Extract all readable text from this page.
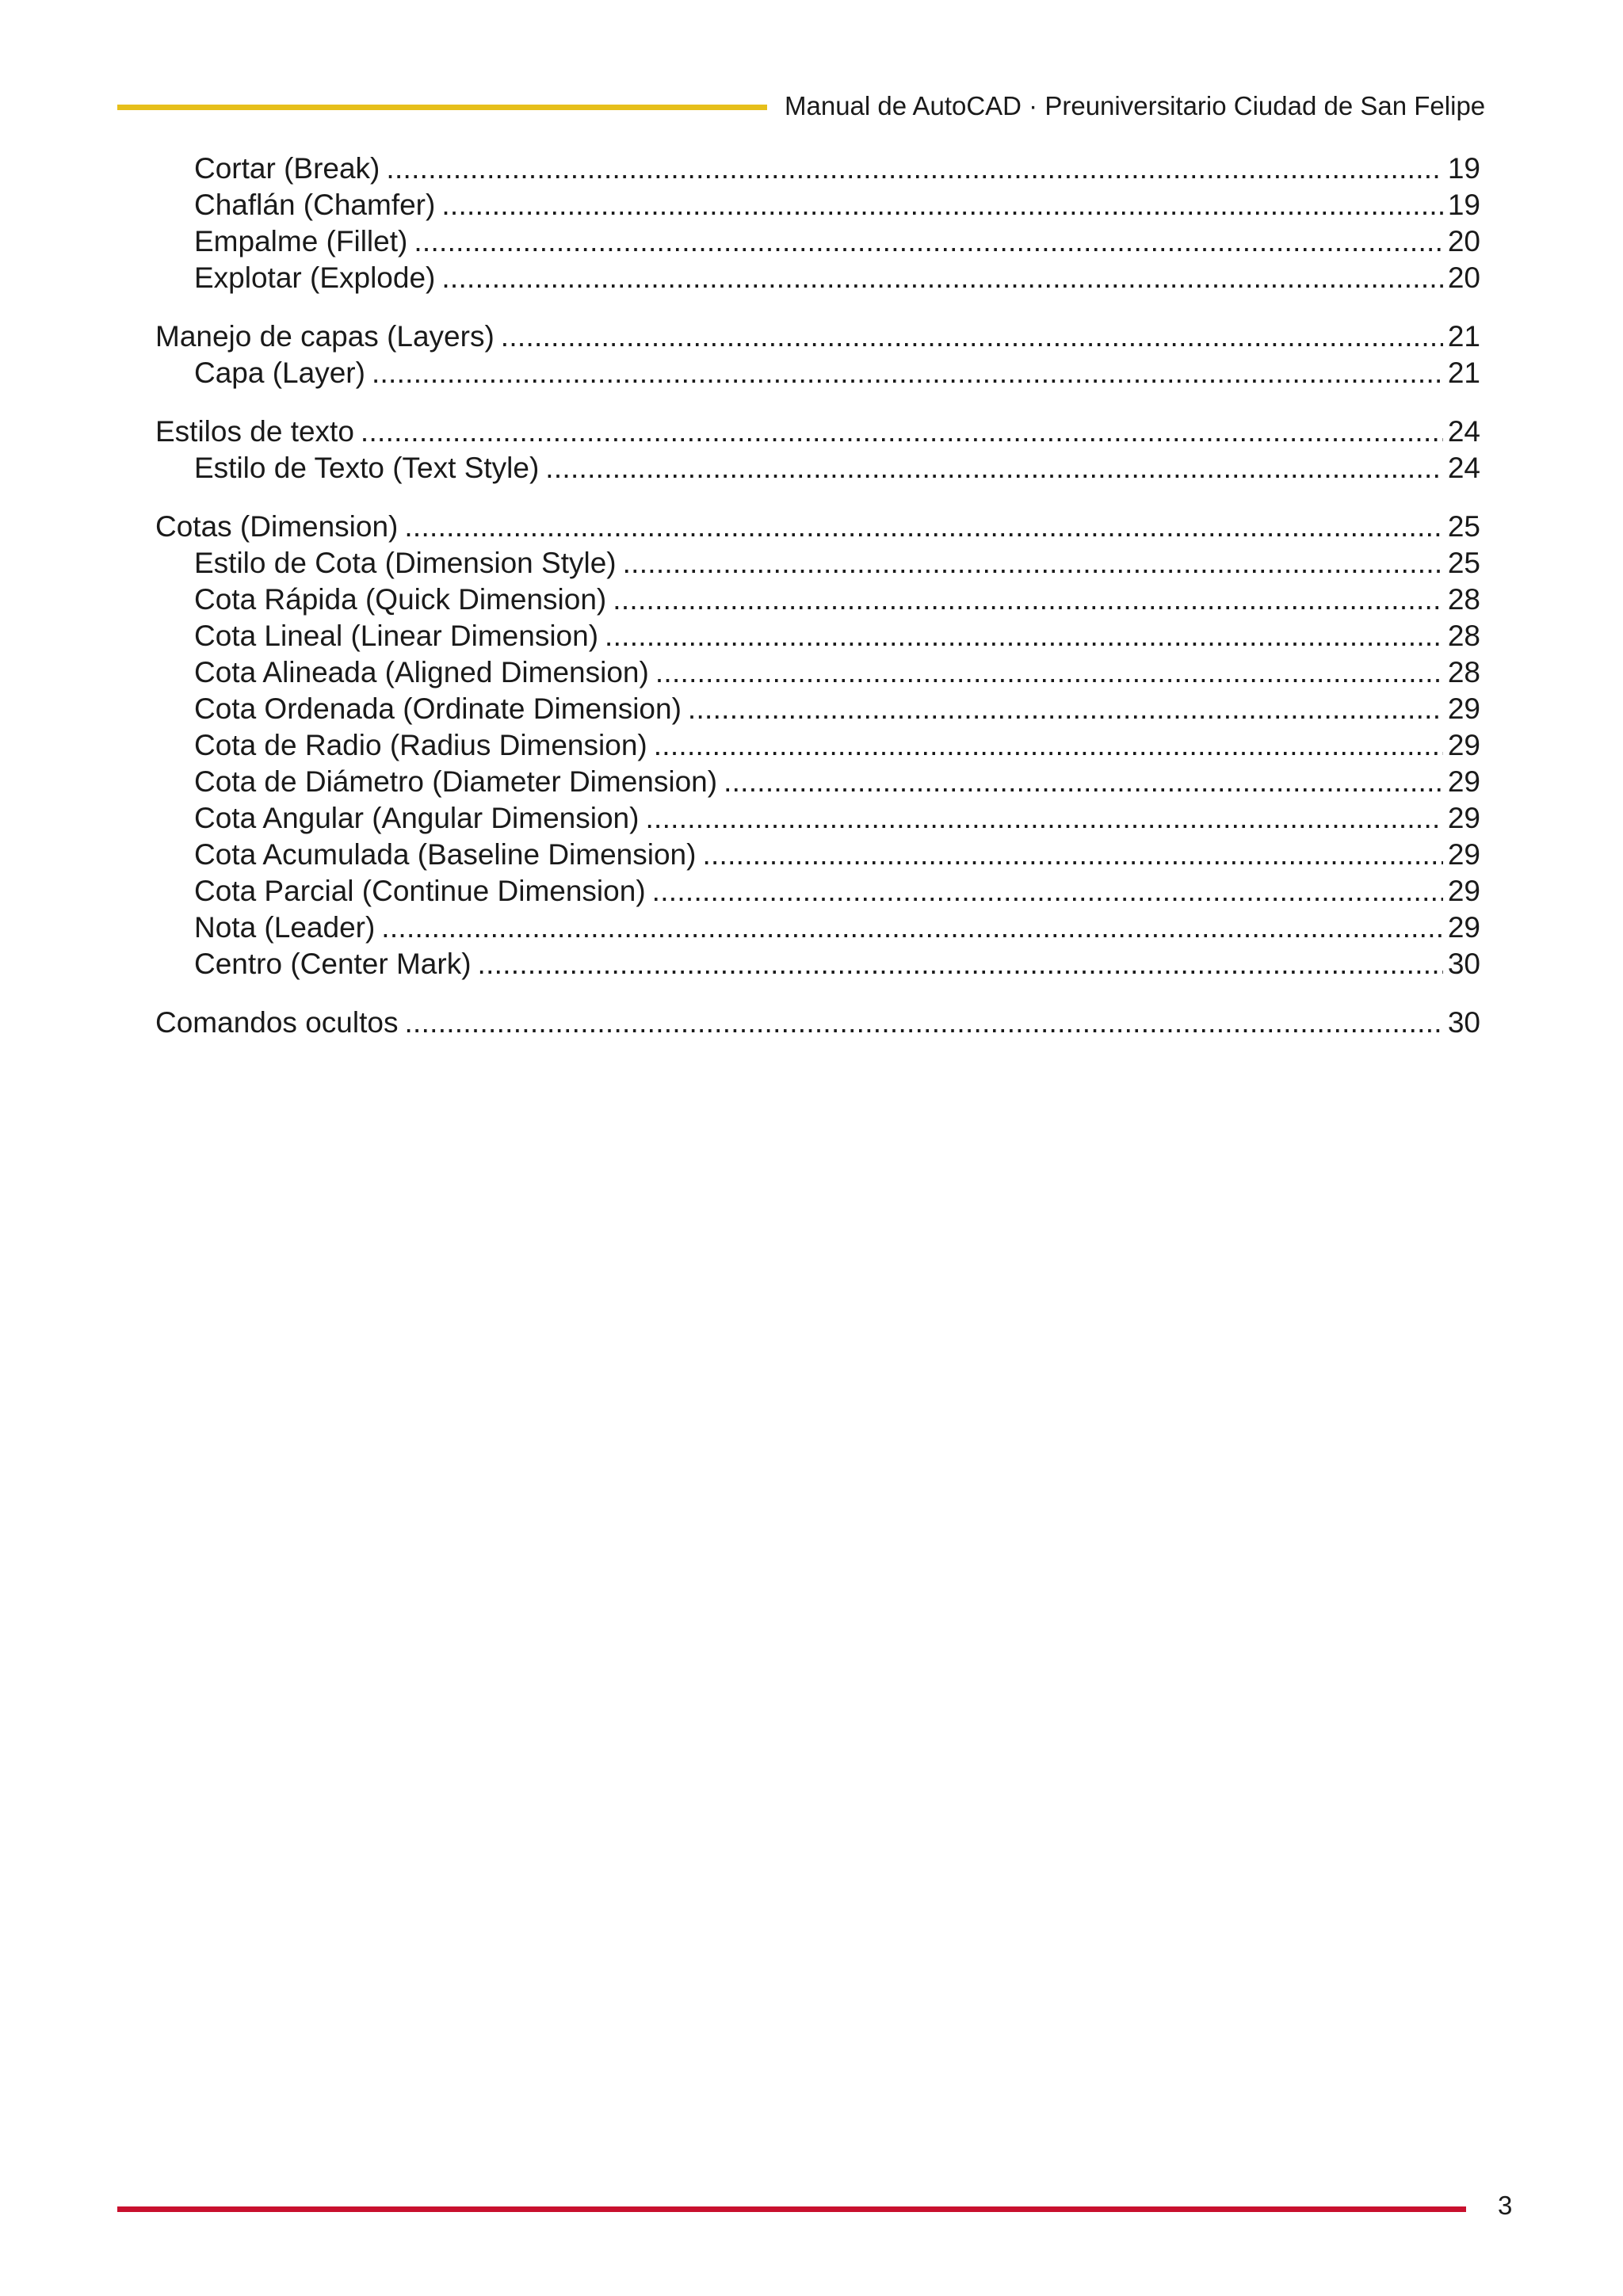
Manual de AutoCAD · Preuniversitario Ciudad de San Felipe
Cortar (Break) . . .	19
Chaflán (Chamfer) . . .	19
Empalme (Fillet) . . .	20
Explotar (Explode) . . .	20
Manejo de capas (Layers) . . .	21
Capa (Layer) . . .	21
Estilos de texto . . .	24
Estilo de Texto (Text Style) . . .	24
Cotas (Dimension) . . .	25
Estilo de Cota (Dimension Style) . . .	25
Cota Rápida (Quick Dimension) . . .	28
Cota Lineal (Linear Dimension) . . .	28
Cota Alineada (Aligned Dimension) . . .	28
Cota Ordenada (Ordinate Dimension) . . .	29
Cota de Radio (Radius Dimension) . . .	29
Cota de Diámetro (Diameter Dimension) . . .	29
Cota Angular (Angular Dimension) . . .	29
Cota Acumulada (Baseline Dimension) . . .	29
Cota Parcial (Continue Dimension) . . .	29
Nota (Leader) . . .	29
Centro (Center Mark) . . .	30
Comandos ocultos . . .	30
3
